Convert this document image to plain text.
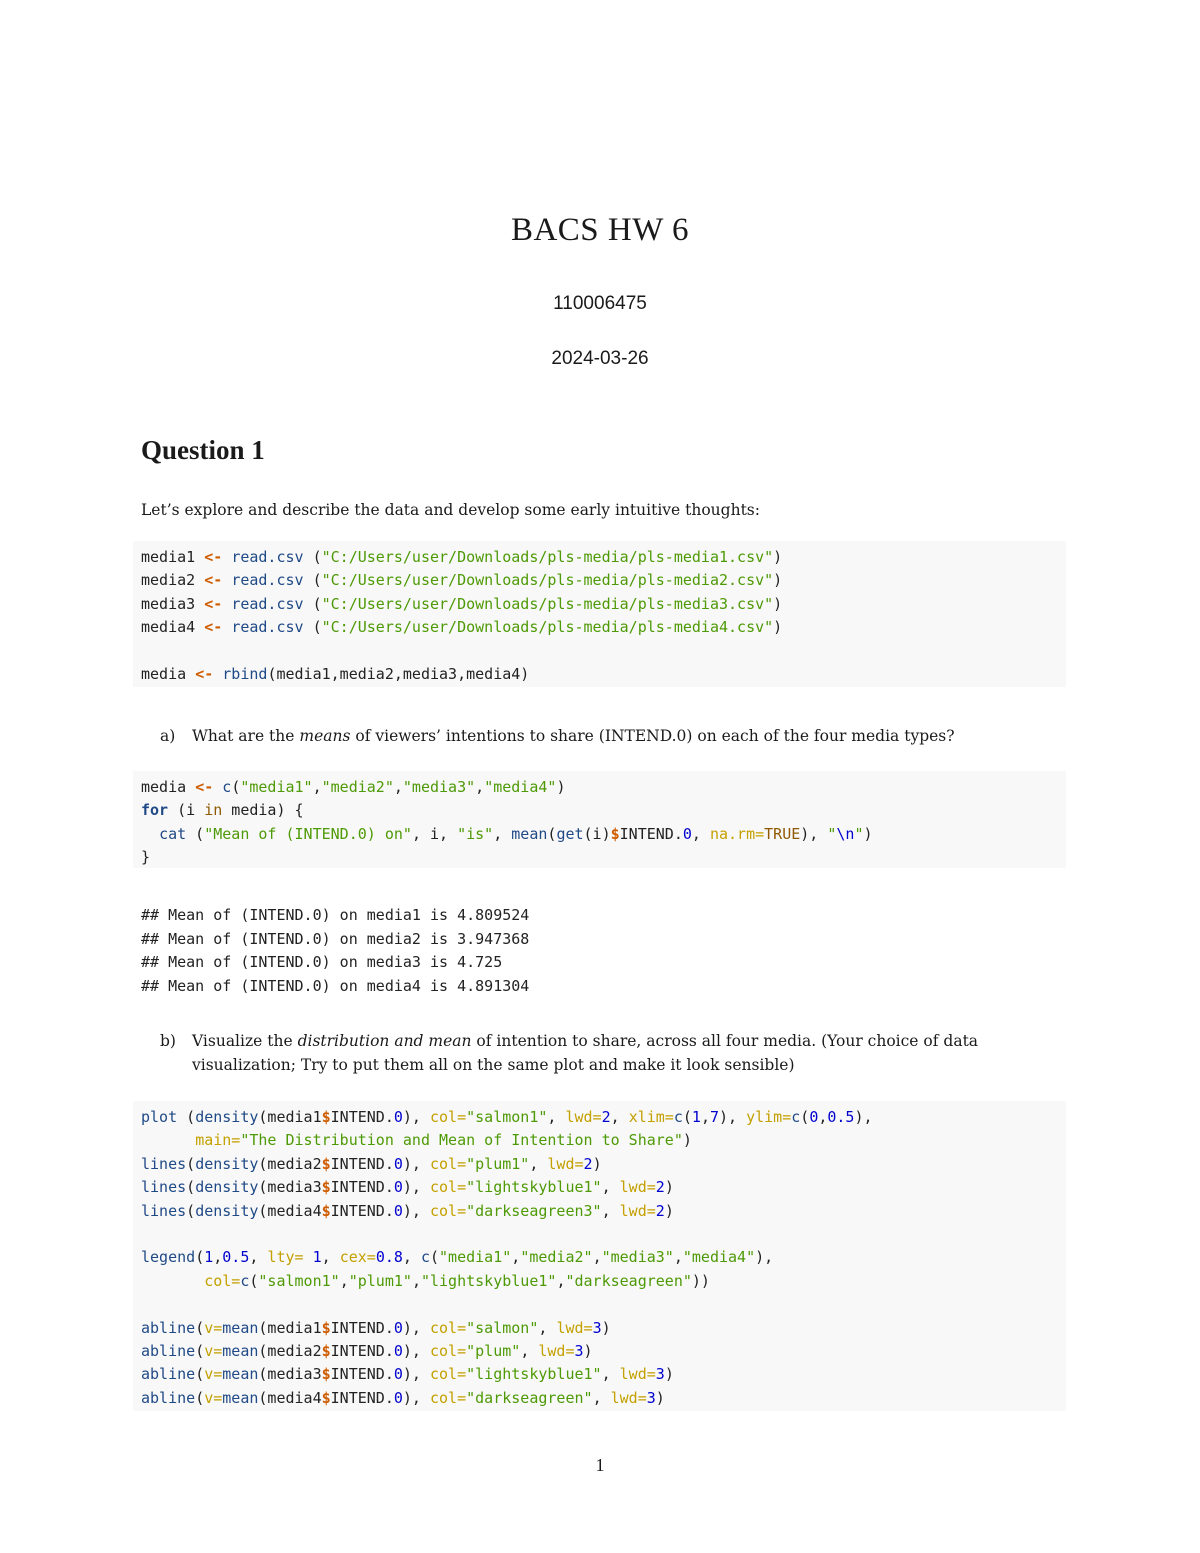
BACS HW 6
110006475
2024-03-26
Question 1
Let’s explore and describe the data and develop some early intuitive thoughts:
media1 <- read.csv ("C:/Users/user/Downloads/pls-media/pls-media1.csv")
media2 <- read.csv ("C:/Users/user/Downloads/pls-media/pls-media2.csv")
media3 <- read.csv ("C:/Users/user/Downloads/pls-media/pls-media3.csv")
media4 <- read.csv ("C:/Users/user/Downloads/pls-media/pls-media4.csv")

media <- rbind(media1,media2,media3,media4)
a) What are the means of viewers’ intentions to share (INTEND.0) on each of the four media types?
media <- c("media1","media2","media3","media4")
for (i in media) {
cat ("Mean of (INTEND.0) on", i, "is", mean(get(i)$INTEND.0, na.rm=TRUE), "\n")
}
## Mean of (INTEND.0) on media1 is 4.809524
## Mean of (INTEND.0) on media2 is 3.947368
## Mean of (INTEND.0) on media3 is 4.725
## Mean of (INTEND.0) on media4 is 4.891304
b) Visualize the distribution and mean of intention to share, across all four media. (Your choice of data visualization; Try to put them all on the same plot and make it look sensible)
plot (density(media1$INTEND.0), col="salmon1", lwd=2, xlim=c(1,7), ylim=c(0,0.5),
main="The Distribution and Mean of Intention to Share")
lines(density(media2$INTEND.0), col="plum1", lwd=2)
lines(density(media3$INTEND.0), col="lightskyblue1", lwd=2)
lines(density(media4$INTEND.0), col="darkseagreen3", lwd=2)

legend(1,0.5, lty= 1, cex=0.8, c("media1","media2","media3","media4"),
col=c("salmon1","plum1","lightskyblue1","darkseagreen"))

abline(v=mean(media1$INTEND.0), col="salmon", lwd=3)
abline(v=mean(media2$INTEND.0), col="plum", lwd=3)
abline(v=mean(media3$INTEND.0), col="lightskyblue1", lwd=3)
abline(v=mean(media4$INTEND.0), col="darkseagreen", lwd=3)
1
